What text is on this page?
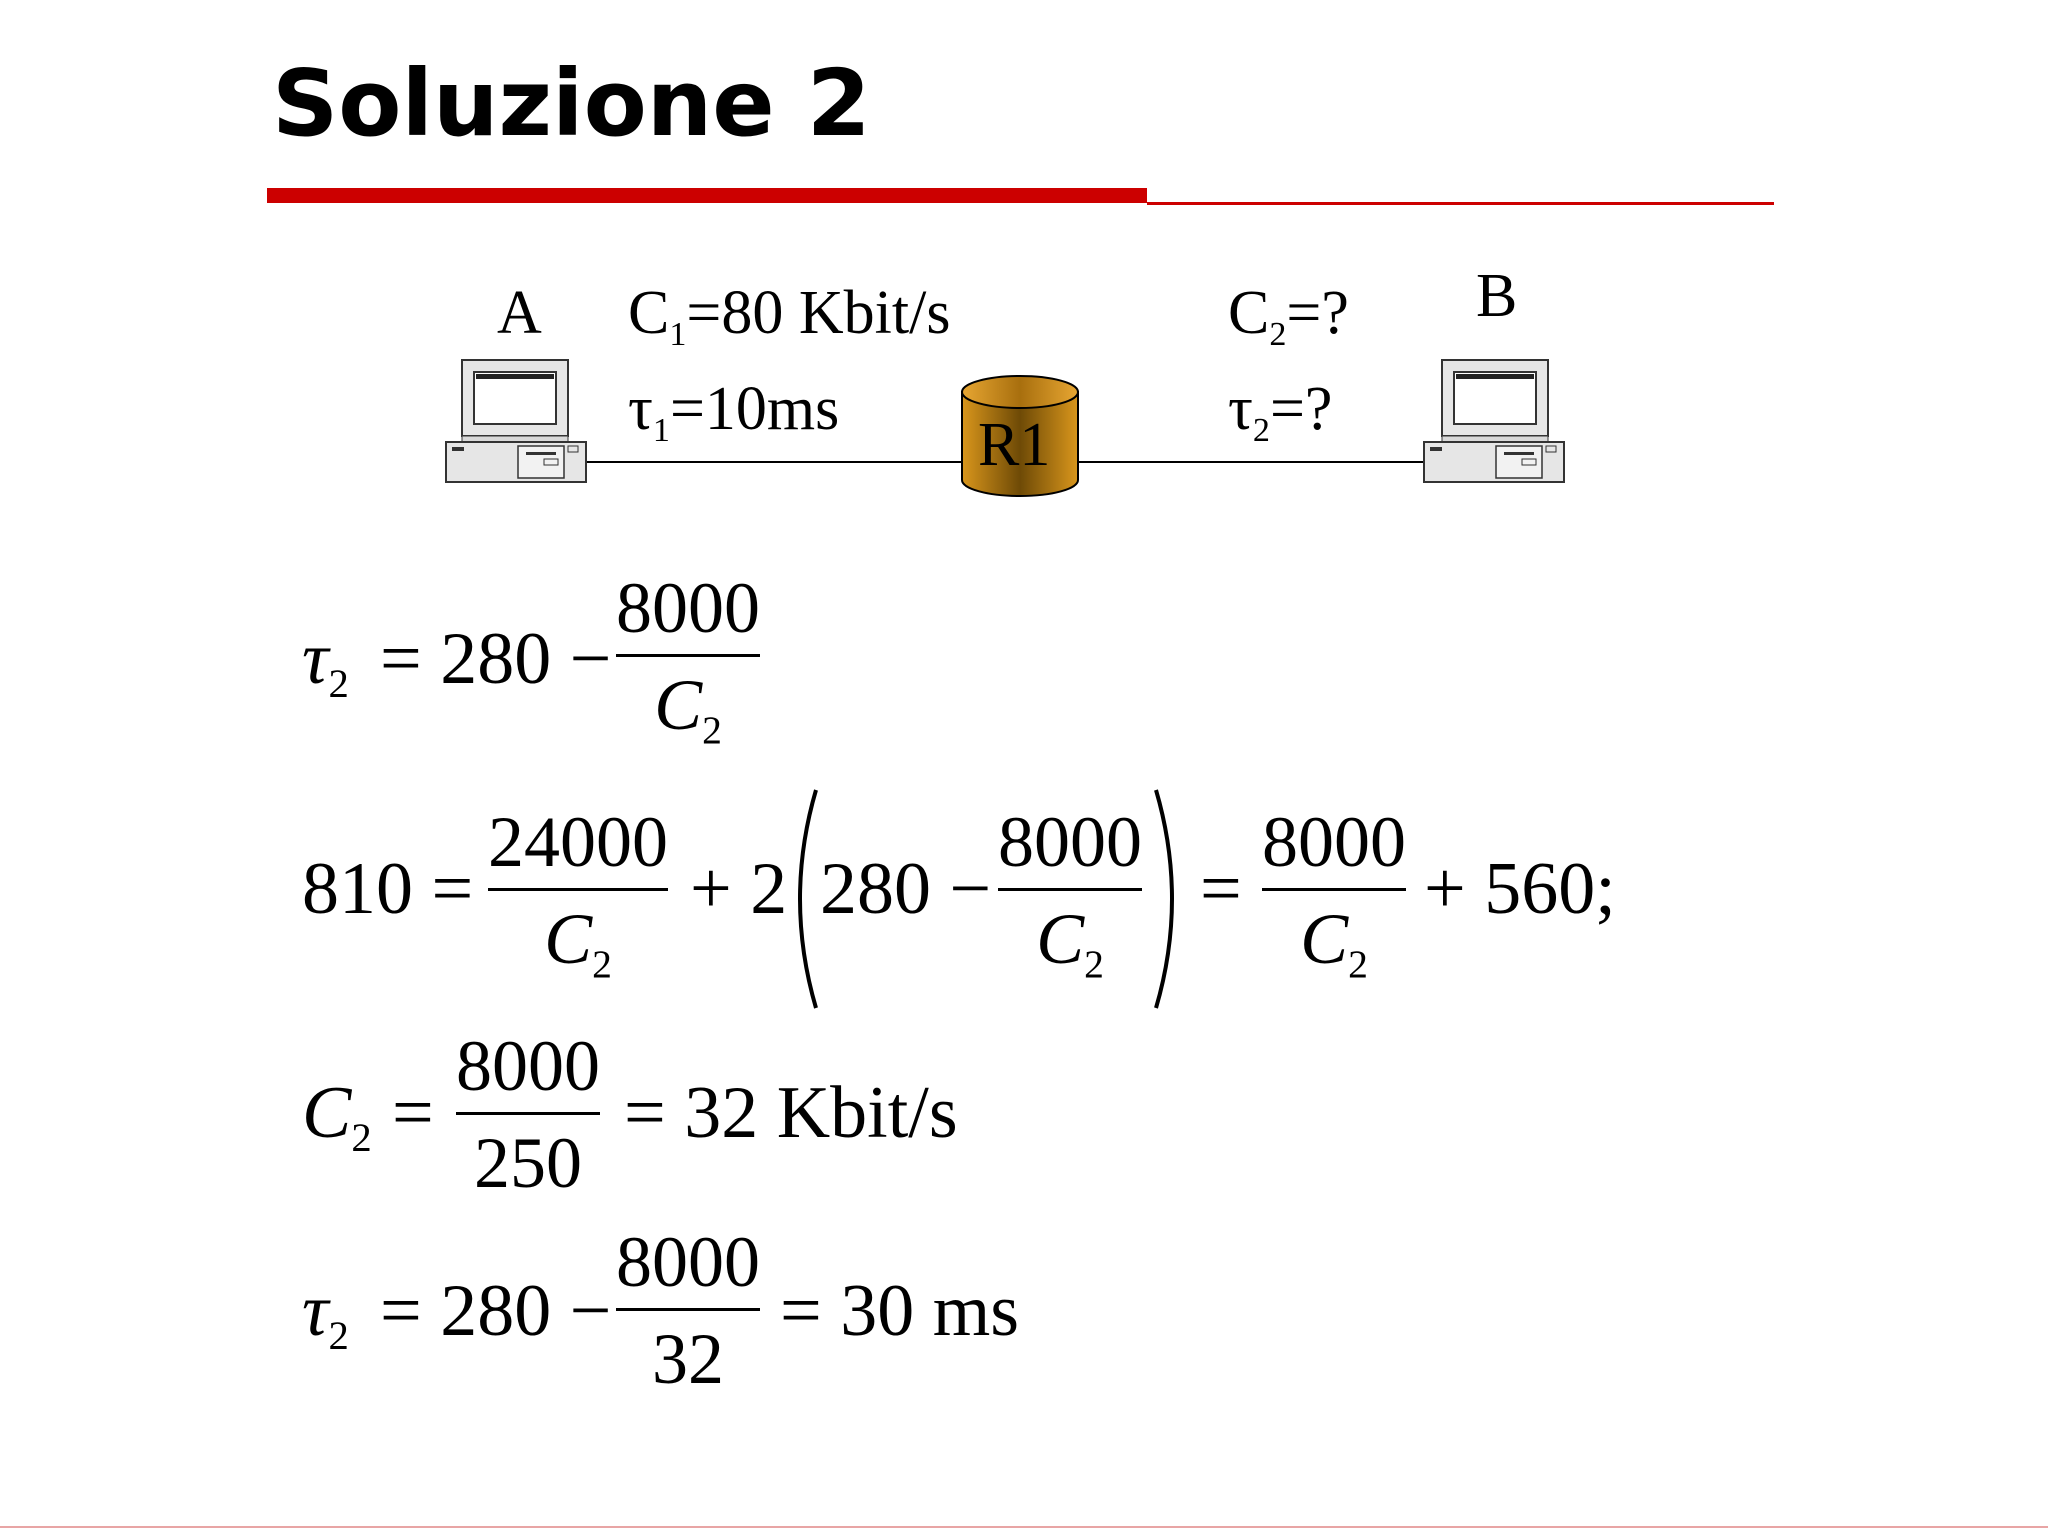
Soluzione 2
R1
A	B
$C_1=80$ Kbit/s
$\tau_1=10ms$
$C_2=$?
$\tau_2=$?
$\tau_2 = 280$ −
8000
$C_2$
810 =
24000
$C_2$
+ 2 280 −
8000
$C_2$
=
8000
$C_2$
+ 560;
$C_2$ =
8000
250
= 32 Kbit/s
$\tau_2 = 280$ −
8000
32
= 30 ms
